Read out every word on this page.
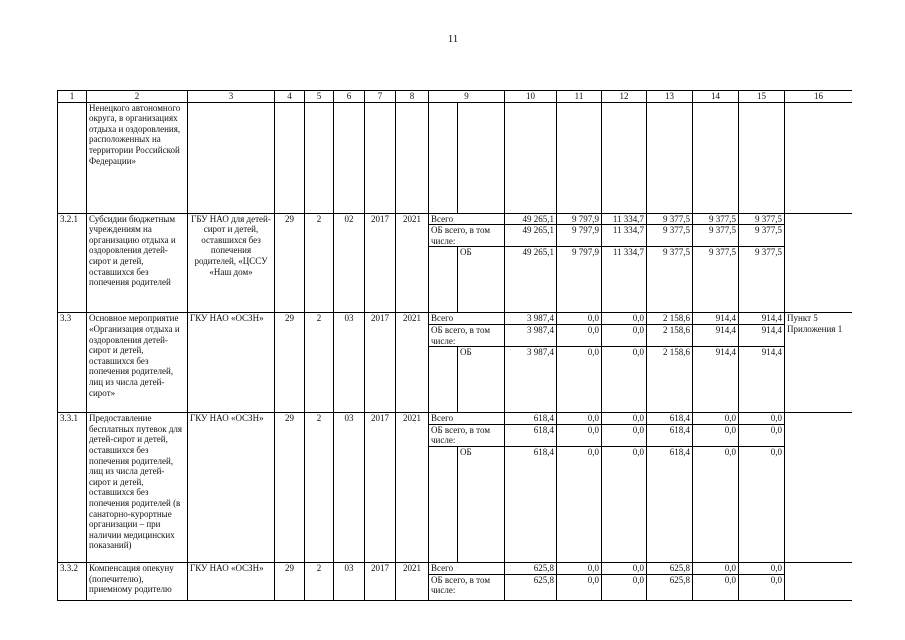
11
1	2	3	4	5	6	7	8	9		10	11	12	13	14	15	16
	Ненецкого автономного округа, в организациях отдыха и оздоровления, расположенных на территории Российской Федерации»															
3.2.1	Субсидии бюджетным учреждениям на организацию отдыха и оздоровления детей-сирот и детей, оставшихся без попечения родителей	ГБУ НАО для детей-сирот и детей, оставшихся без попечения родителей, «ЦССУ «Наш дом»	29	2	02	2017	2021	Всего		49 265,1	9 797,9	11 334,7	9 377,5	9 377,5	9 377,5	
								ОБ всего, в том числе:		49 265,1	9 797,9	11 334,7	9 377,5	9 377,5	9 377,5	
									ОБ	49 265,1	9 797,9	11 334,7	9 377,5	9 377,5	9 377,5	
3.3	Основное мероприятие «Организация отдыха и оздоровления детей-сирот и детей, оставшихся без попечения родителей, лиц из числа детей-сирот»	ГКУ НАО «ОСЗН»	29	2	03	2017	2021	Всего		3 987,4	0,0	0,0	2 158,6	914,4	914,4	Пункт 5 Приложения 1
								ОБ всего, в том числе:		3 987,4	0,0	0,0	2 158,6	914,4	914,4	
									ОБ	3 987,4	0,0	0,0	2 158,6	914,4	914,4	
3.3.1	Предоставление бесплатных путевок для детей-сирот и детей, оставшихся без попечения родителей, лиц из числа детей-сирот и детей, оставшихся без попечения родителей (в санаторно-курортные организации – при наличии медицинских показаний)	ГКУ НАО «ОСЗН»	29	2	03	2017	2021	Всего		618,4	0,0	0,0	618,4	0,0	0,0	
								ОБ всего, в том числе:		618,4	0,0	0,0	618,4	0,0	0,0	
									ОБ	618,4	0,0	0,0	618,4	0,0	0,0	
3.3.2	Компенсация опекуну (попечителю), приемному родителю	ГКУ НАО «ОСЗН»	29	2	03	2017	2021	Всего		625,8	0,0	0,0	625,8	0,0	0,0	
								ОБ всего, в том числе:		625,8	0,0	0,0	625,8	0,0	0,0	
